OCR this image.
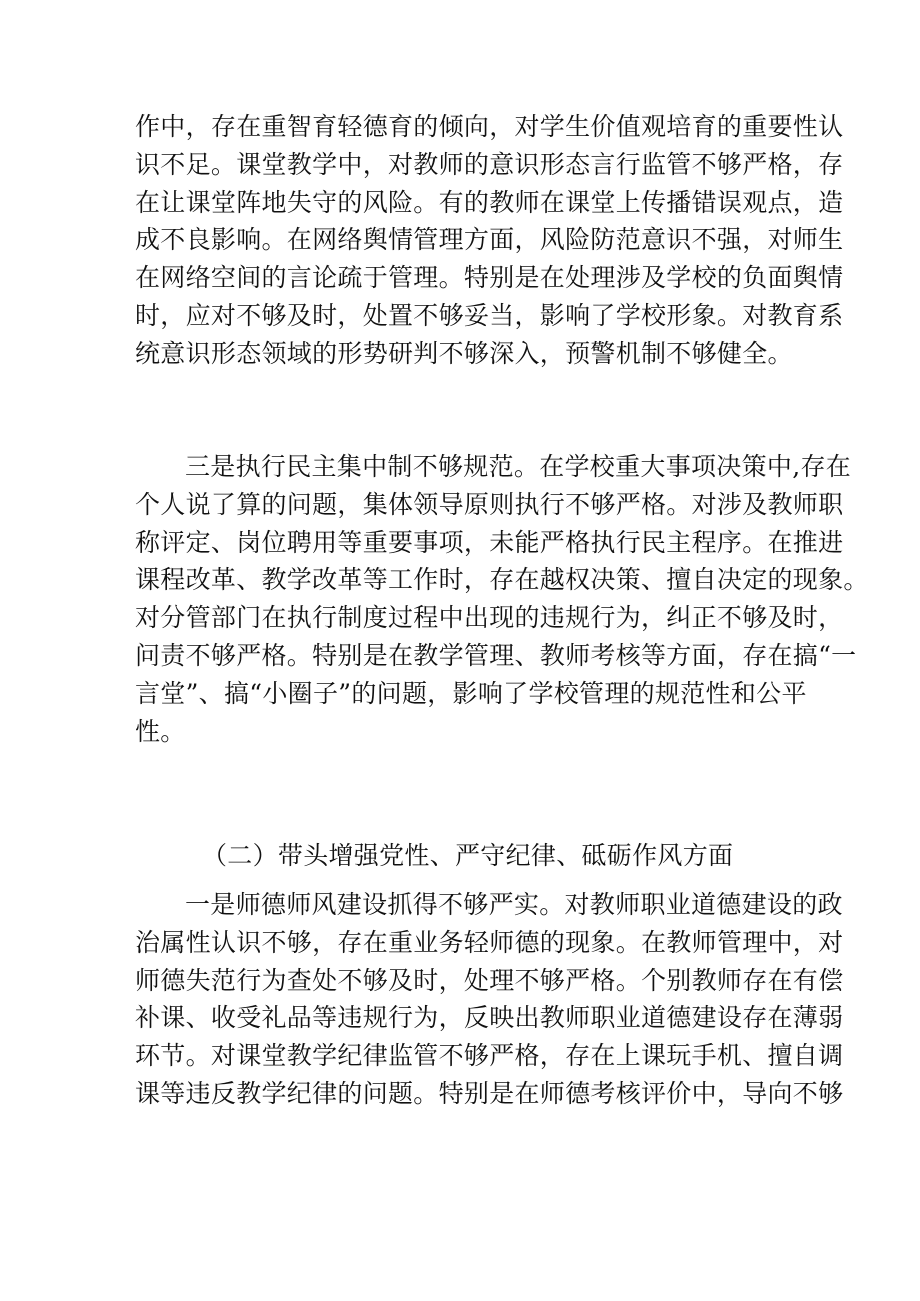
作中，存在重智育轻德育的倾向，对学生价值观培育的重要性认
识不足。课堂教学中，对教师的意识形态言行监管不够严格，存
在让课堂阵地失守的风险。有的教师在课堂上传播错误观点，造
成不良影响。在网络舆情管理方面，风险防范意识不强，对师生
在网络空间的言论疏于管理。特别是在处理涉及学校的负面舆情
时，应对不够及时，处置不够妥当，影响了学校形象。对教育系
统意识形态领域的形势研判不够深入，预警机制不够健全。
三是执行民主集中制不够规范。在学校重大事项决策中,存在
个人说了算的问题，集体领导原则执行不够严格。对涉及教师职
称评定、岗位聘用等重要事项，未能严格执行民主程序。在推进
课程改革、教学改革等工作时，存在越权决策、擅自决定的现象。
对分管部门在执行制度过程中出现的违规行为，纠正不够及时，
问责不够严格。特别是在教学管理、教师考核等方面，存在搞“一
言堂”、搞“小圈子”的问题，影响了学校管理的规范性和公平
性。
（二）带头增强党性、严守纪律、砥砺作风方面
一是师德师风建设抓得不够严实。对教师职业道德建设的政
治属性认识不够，存在重业务轻师德的现象。在教师管理中，对
师德失范行为查处不够及时，处理不够严格。个别教师存在有偿
补课、收受礼品等违规行为，反映出教师职业道德建设存在薄弱
环节。对课堂教学纪律监管不够严格，存在上课玩手机、擅自调
课等违反教学纪律的问题。特别是在师德考核评价中，导向不够
